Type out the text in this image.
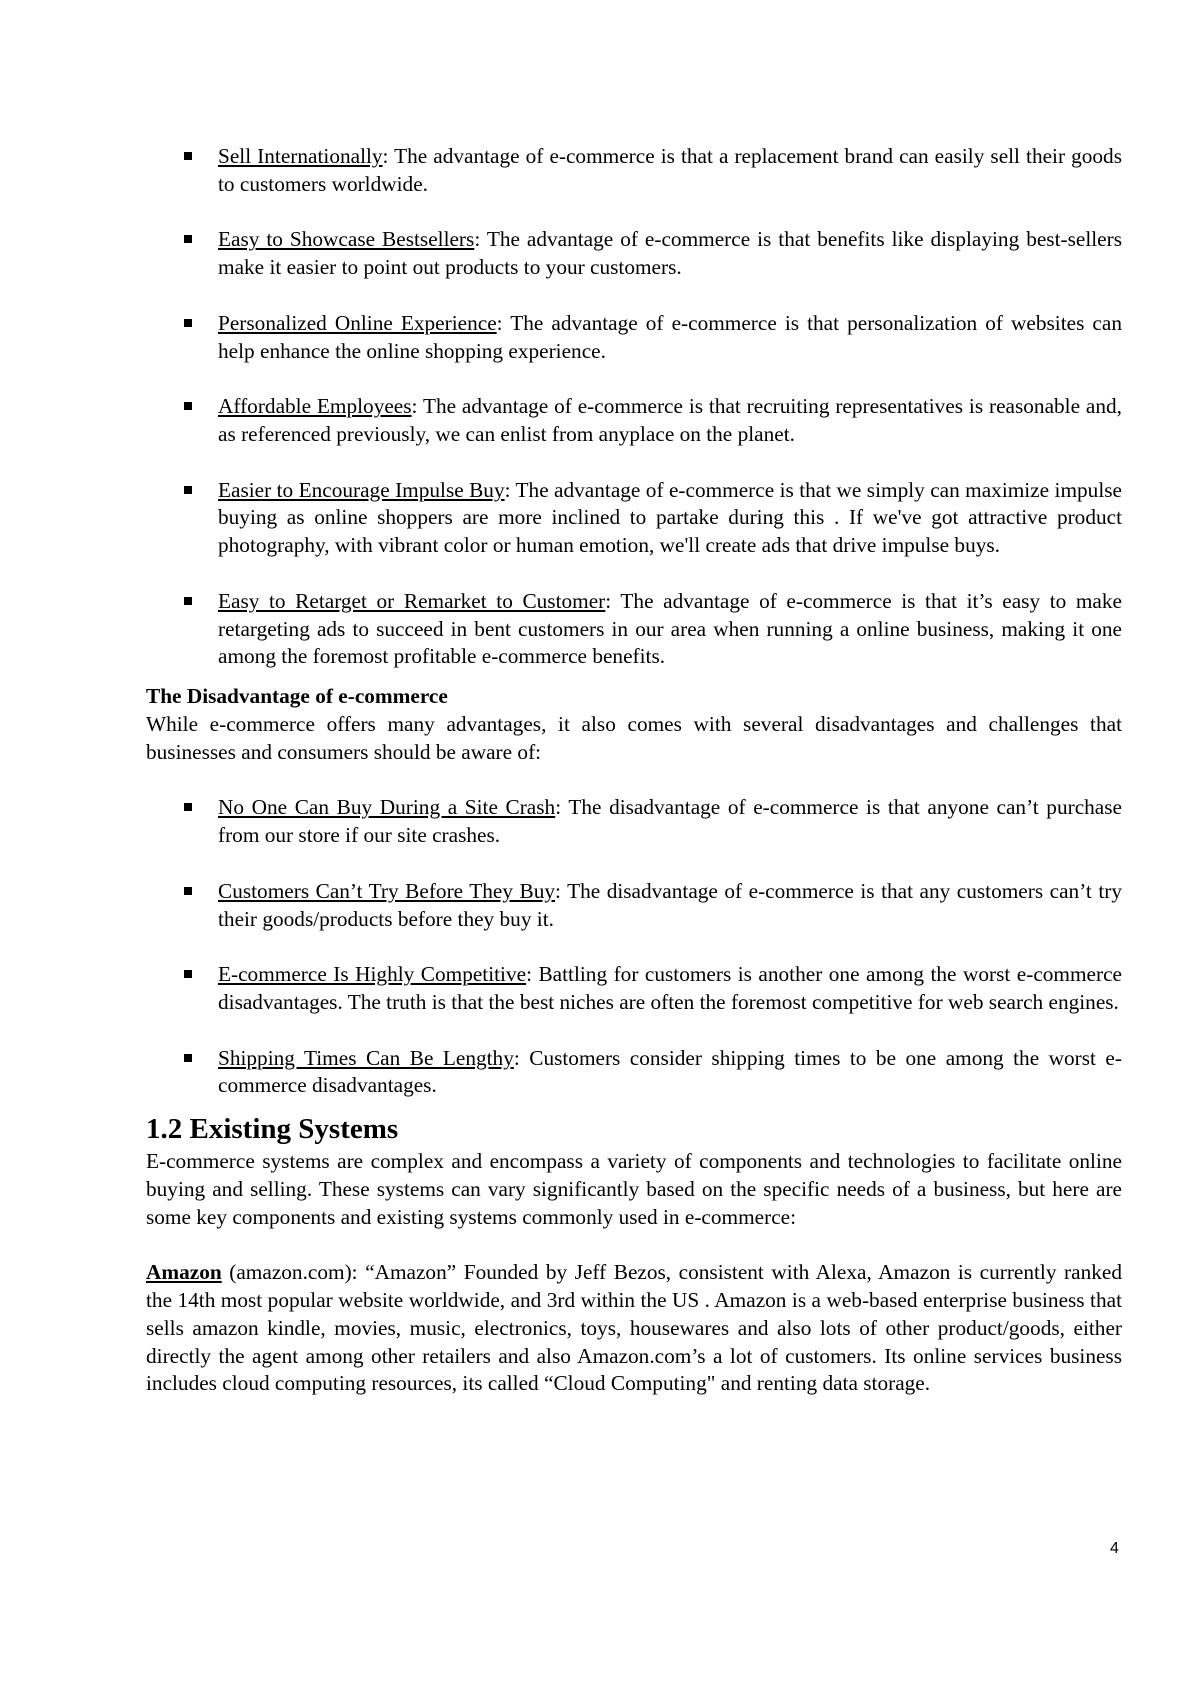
Sell Internationally: The advantage of e-commerce is that a replacement brand can easily sell their goods to customers worldwide.

Easy to Showcase Bestsellers: The advantage of e-commerce is that benefits like displaying best-sellers make it easier to point out products to your customers.

Personalized Online Experience: The advantage of e-commerce is that personalization of websites can help enhance the online shopping experience.

Affordable Employees: The advantage of e-commerce is that recruiting representatives is reasonable and, as referenced previously, we can enlist from anyplace on the planet.

Easier to Encourage Impulse Buy: The advantage of e-commerce is that we simply can maximize impulse buying as online shoppers are more inclined to partake during this . If we've got attractive product photography, with vibrant color or human emotion, we'll create ads that drive impulse buys.

Easy to Retarget or Remarket to Customer: The advantage of e-commerce is that it’s easy to make retargeting ads to succeed in bent customers in our area when running a online business, making it one among the foremost profitable e-commerce benefits.

The Disadvantage of e-commerce

While e-commerce offers many advantages, it also comes with several disadvantages and challenges that businesses and consumers should be aware of:

No One Can Buy During a Site Crash: The disadvantage of e-commerce is that anyone can’t purchase from our store if our site crashes.

Customers Can’t Try Before They Buy: The disadvantage of e-commerce is that any customers can’t try their goods/products before they buy it.

E-commerce Is Highly Competitive: Battling for customers is another one among the worst e-commerce disadvantages. The truth is that the best niches are often the foremost competitive for web search engines.

Shipping Times Can Be Lengthy: Customers consider shipping times to be one among the worst e-commerce disadvantages.

1.2 Existing Systems

E-commerce systems are complex and encompass a variety of components and technologies to facilitate online buying and selling. These systems can vary significantly based on the specific needs of a business, but here are some key components and existing systems commonly used in e-commerce:

Amazon (amazon.com): “Amazon” Founded by Jeff Bezos, consistent with Alexa, Amazon is currently ranked the 14th most popular website worldwide, and 3rd within the US . Amazon is a web-based enterprise business that sells amazon kindle, movies, music, electronics, toys, housewares and also lots of other product/goods, either directly the agent among other retailers and also Amazon.com’s a lot of customers. Its online services business includes cloud computing resources, its called “Cloud Computing" and renting data storage.

4
